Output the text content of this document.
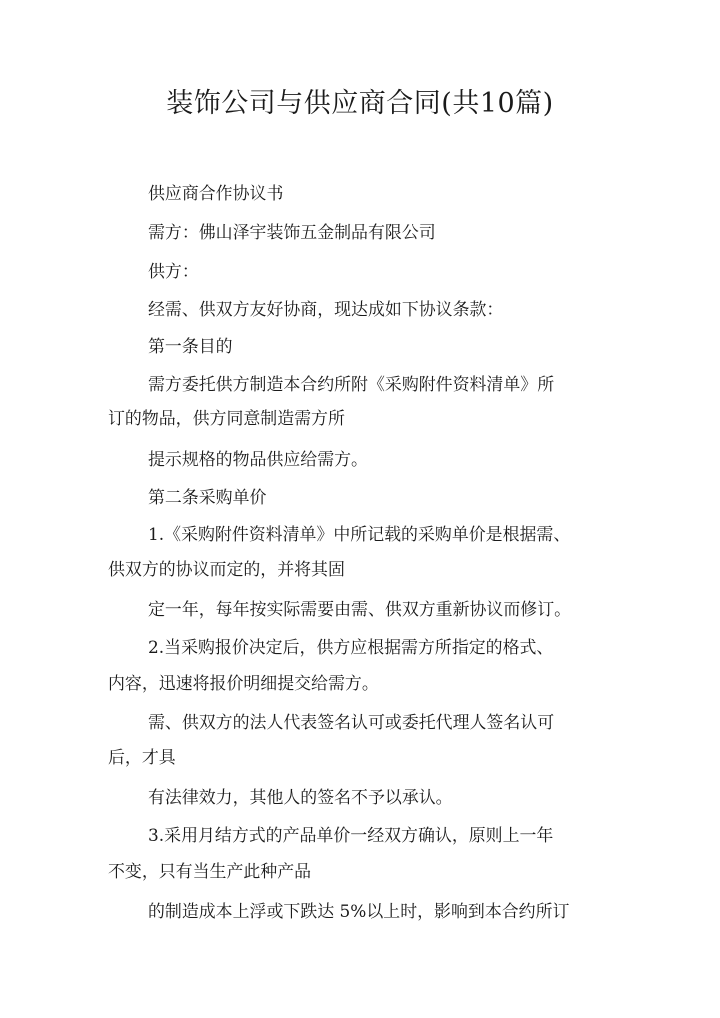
装饰公司与供应商合同(共10篇)
供应商合作协议书
需方：佛山泽宇装饰五金制品有限公司
供方：
经需、供双方友好协商，现达成如下协议条款：
第一条目的
需方委托供方制造本合约所附《采购附件资料清单》所
订的物品，供方同意制造需方所
提示规格的物品供应给需方。
第二条采购单价
1.《采购附件资料清单》中所记载的采购单价是根据需、
供双方的协议而定的，并将其固
定一年，每年按实际需要由需、供双方重新协议而修订。
2.当采购报价决定后，供方应根据需方所指定的格式、
内容，迅速将报价明细提交给需方。
需、供双方的法人代表签名认可或委托代理人签名认可
后，才具
有法律效力，其他人的签名不予以承认。
3.采用月结方式的产品单价一经双方确认，原则上一年
不变，只有当生产此种产品
的制造成本上浮或下跌达 5%以上时，影响到本合约所订
